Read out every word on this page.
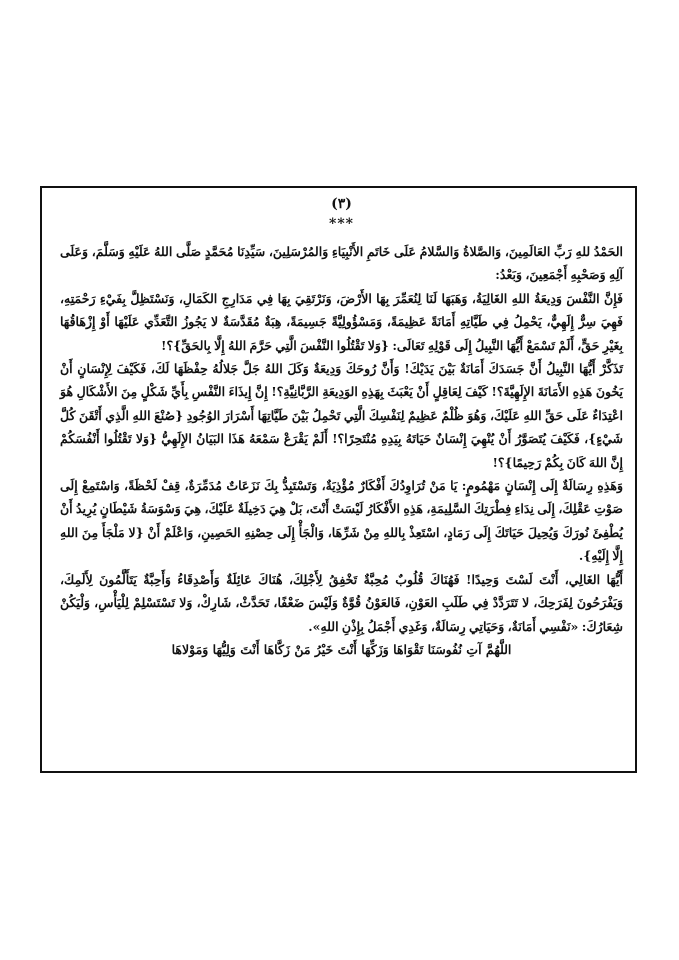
(٣)
***

الحَمْدُ للهِ رَبِّ العَالَمِينَ، وَالصَّلاةُ وَالسَّلامُ عَلَى خَاتَمِ الأَنْبِيَاءِ وَالمُرْسَلِينَ، سَيِّدِنَا مُحَمَّدٍ صَلَّى اللهُ عَلَيْهِ وَسَلَّمَ، وَعَلَى آلِهِ وَصَحْبِهِ أَجْمَعِينَ، وَبَعْدُ:

فَإِنَّ النَّفْسَ وَدِيعَةُ اللهِ الغَالِيَةُ، وَهَبَهَا لَنَا لِنُعَمِّرَ بِهَا الأَرْضَ، وَنَرْتَقِيَ بِهَا فِي مَدَارِجِ الكَمَالِ، وَنَسْتَظِلَّ بِفَيْءِ رَحْمَتِهِ، فَهِيَ سِرٌّ إِلَهِيٌّ، يَحْمِلُ فِي طَيَّاتِهِ أَمَانَةً عَظِيمَةً، وَمَسْؤُولِيَّةً جَسِيمَةً، هِبَةٌ مُقَدَّسَةٌ لا يَجُوزُ التَّعَدِّي عَلَيْهَا أَوْ إِزْهَاقُهَا بِغَيْرِ حَقٍّ، أَلَمْ تَسْمَعْ أَيُّهَا النَّبِيلُ إِلَى قَوْلِهِ تَعَالَى: {وَلا تَقْتُلُوا النَّفْسَ الَّتِي حَرَّمَ اللهُ إِلَّا بِالحَقِّ}؟!

تَذَكَّرْ أَيُّهَا النَّبِيلُ أَنَّ جَسَدَكَ أَمَانَةٌ بَيْنَ يَدَيْكَ! وَأَنَّ رُوحَكَ وَدِيعَةٌ وَكَلَ اللهُ جَلَّ جَلالُهُ حِفْظَهَا لَكَ، فَكَيْفَ لِإِنْسَانٍ أَنْ يَخُونَ هَذِهِ الأَمَانَةَ الإِلَهِيَّةَ؟! كَيْفَ لِعَاقِلٍ أَنْ يَعْبَثَ بِهَذِهِ الوَدِيعَةِ الرَّبَّانِيَّةِ؟! إِنَّ إِيذَاءَ النَّفْسِ بِأَيِّ شَكْلٍ مِنَ الأَشْكَالِ هُوَ اعْتِدَاءٌ عَلَى حَقِّ اللهِ عَلَيْكَ، وَهُوَ ظُلْمٌ عَظِيمٌ لِنَفْسِكَ الَّتِي تَحْمِلُ بَيْنَ طَيَّاتِهَا أَسْرَارَ الوُجُودِ {صُنْعَ اللهِ الَّذِي أَتْقَنَ كُلَّ شَيْءٍ}، فَكَيْفَ يُتَصَوَّرُ أَنْ يُنْهِيَ إِنْسَانٌ حَيَاتَهُ بِيَدِهِ مُنْتَحِرًا؟! أَلَمْ يَقْرَعْ سَمْعَهُ هَذَا البَيَانُ الإِلَهِيُّ {وَلا تَقْتُلُوا أَنْفُسَكُمْ إِنَّ اللهَ كَانَ بِكُمْ رَحِيمًا}؟!

وَهَذِهِ رِسَالَةٌ إِلَى إِنْسَانٍ مَهْمُومٍ: يَا مَنْ تُرَاوِدُكَ أَفْكَارٌ مُؤْذِيَةٌ، وَتَسْتَبِدُّ بِكَ نَزَعَاتٌ مُدَمِّرَةٌ، قِفْ لَحْظَةً، وَاسْتَمِعْ إِلَى صَوْتِ عَقْلِكَ، إِلَى نِدَاءِ فِطْرَتِكَ السَّلِيمَةِ، هَذِهِ الأَفْكَارُ لَيْسَتْ أَنْتَ، بَلْ هِيَ دَخِيلَةٌ عَلَيْكَ، هِيَ وَسْوَسَةُ شَيْطَانٍ يُرِيدُ أَنْ يُطْفِئَ نُورَكَ وَيُحِيلَ حَيَاتَكَ إِلَى رَمَادٍ، اسْتَعِذْ بِاللهِ مِنْ شَرِّهَا، وَالْجَأْ إِلَى حِصْنِهِ الحَصِينِ، وَاعْلَمْ أَنْ {لا مَلْجَأَ مِنَ اللهِ إِلَّا إِلَيْهِ}.

أَيُّهَا الغَالِي، أَنْتَ لَسْتَ وَحِيدًا! فَهُنَاكَ قُلُوبٌ مُحِبَّةٌ تَخْفِقُ لِأَجْلِكَ، هُنَاكَ عَائِلَةٌ وَأَصْدِقَاءُ وَأَحِبَّةٌ يَتَأَلَّمُونَ لِأَلَمِكَ، وَيَفْرَحُونَ لِفَرَحِكَ، لا تَتَرَدَّدْ فِي طَلَبِ العَوْنِ، فَالعَوْنُ قُوَّةٌ وَلَيْسَ ضَعْفًا، تَحَدَّثْ، شَارِكْ، وَلا تَسْتَسْلِمْ لِلْيَأْسِ، وَلْيَكُنْ شِعَارُكَ: «نَفْسِي أَمَانَةٌ، وَحَيَاتِي رِسَالَةٌ، وَغَدِي أَجْمَلُ بِإِذْنِ اللهِ».

اللَّهُمَّ آتِ نُفُوسَنَا تَقْوَاهَا وَزَكِّهَا أَنْتَ خَيْرُ مَنْ زَكَّاهَا أَنْتَ وَلِيُّهَا وَمَوْلاهَا
